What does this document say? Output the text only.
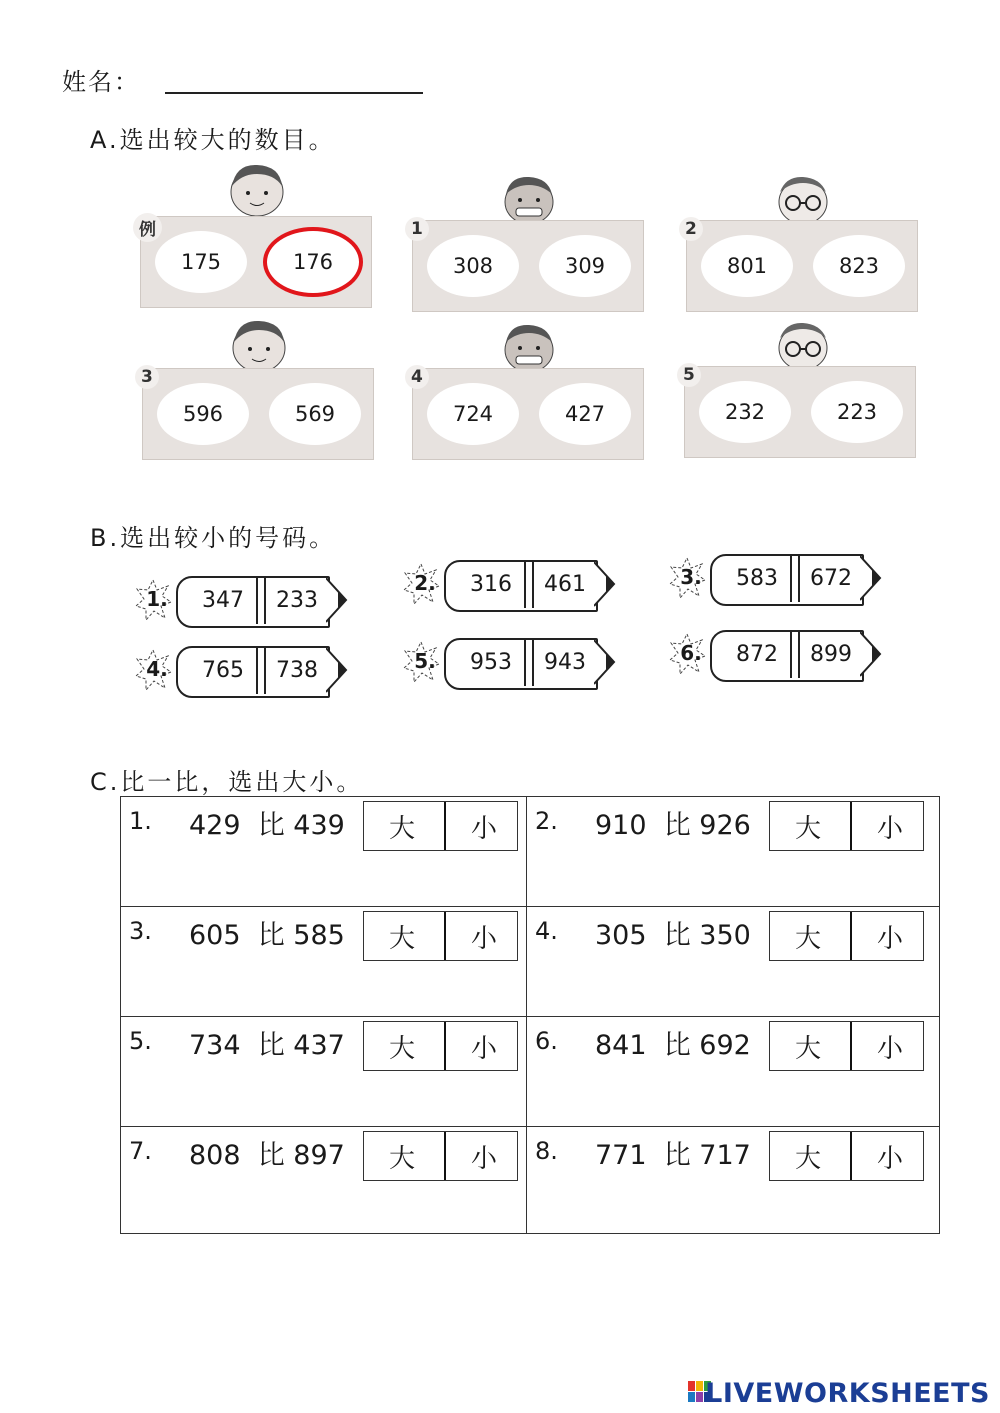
姓名：
A.选出较大的数目。
例
175	176
1
308	309
2
801	823
3
596	569
4
724	427
5
232	223
B.选出较小的号码。
1.	347	233
2.	316	461	3.	583	672
4.	765	738	5.	953	943	6.	872	899
C.比一比，选出大小。
1. 429  比 439	大	小	2. 910  比 926	大	小
3. 605  比 585	大	小	4. 305  比 350	大	小
5. 734  比 437	大	小	6. 841  比 692	大	小
7. 808  比 897	大	小	8. 771  比 717	大	小
LIVEWORKSHEETS
